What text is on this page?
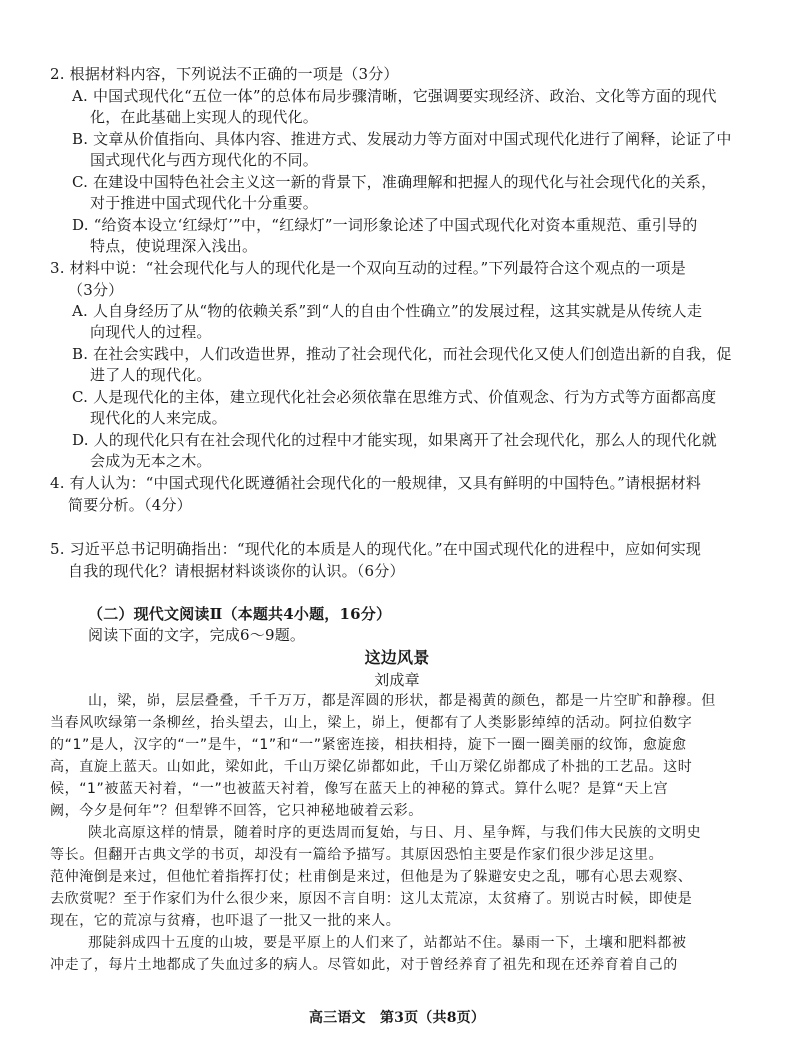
2. 根据材料内容，下列说法不正确的一项是（3分）
A. 中国式现代化“五位一体”的总体布局步骤清晰，它强调要实现经济、政治、文化等方面的现代
化，在此基础上实现人的现代化。
B. 文章从价值指向、具体内容、推进方式、发展动力等方面对中国式现代化进行了阐释，论证了中
国式现代化与西方现代化的不同。
C. 在建设中国特色社会主义这一新的背景下，准确理解和把握人的现代化与社会现代化的关系，
对于推进中国式现代化十分重要。
D. “给资本设立‘红绿灯’”中，“红绿灯”一词形象论述了中国式现代化对资本重规范、重引导的
特点，使说理深入浅出。
3. 材料中说：“社会现代化与人的现代化是一个双向互动的过程。”下列最符合这个观点的一项是
（3分）
A. 人自身经历了从“物的依赖关系”到“人的自由个性确立”的发展过程，这其实就是从传统人走
向现代人的过程。
B. 在社会实践中，人们改造世界，推动了社会现代化，而社会现代化又使人们创造出新的自我，促
进了人的现代化。
C. 人是现代化的主体，建立现代化社会必须依靠在思维方式、价值观念、行为方式等方面都高度
现代化的人来完成。
D. 人的现代化只有在社会现代化的过程中才能实现，如果离开了社会现代化，那么人的现代化就
会成为无本之木。
4. 有人认为：“中国式现代化既遵循社会现代化的一般规律，又具有鲜明的中国特色。”请根据材料
简要分析。（4分）
5. 习近平总书记明确指出：“现代化的本质是人的现代化。”在中国式现代化的进程中，应如何实现
自我的现代化？请根据材料谈谈你的认识。（6分）
（二）现代文阅读Ⅱ（本题共4小题，16分）
阅读下面的文字，完成6～9题。
这边风景
刘成章
山，梁，峁，层层叠叠，千千万万，都是浑圆的形状，都是褐黄的颜色，都是一片空旷和静穆。但
当春风吹绿第一条柳丝，抬头望去，山上，梁上，峁上，便都有了人类影影绰绰的活动。阿拉伯数字
的“1”是人，汉字的“一”是牛，“1”和“一”紧密连接，相扶相持，旋下一圈一圈美丽的纹饰，愈旋愈
高，直旋上蓝天。山如此，梁如此，千山万梁亿峁都如此，千山万梁亿峁都成了朴拙的工艺品。这时
候，“1”被蓝天衬着，“一”也被蓝天衬着，像写在蓝天上的神秘的算式。算什么呢？是算“天上宫
阙，今夕是何年”？但犁铧不回答，它只神秘地破着云彩。
陕北高原这样的情景，随着时序的更迭周而复始，与日、月、星争辉，与我们伟大民族的文明史
等长。但翻开古典文学的书页，却没有一篇给予描写。其原因恐怕主要是作家们很少涉足这里。
范仲淹倒是来过，但他忙着指挥打仗；杜甫倒是来过，但他是为了躲避安史之乱，哪有心思去观察、
去欣赏呢？至于作家们为什么很少来，原因不言自明：这儿太荒凉，太贫瘠了。别说古时候，即使是
现在，它的荒凉与贫瘠，也吓退了一批又一批的来人。
那陡斜成四十五度的山坡，要是平原上的人们来了，站都站不住。暴雨一下，土壤和肥料都被
冲走了，每片土地都成了失血过多的病人。尽管如此，对于曾经养育了祖先和现在还养育着自己的
高三语文　第3页（共8页）
